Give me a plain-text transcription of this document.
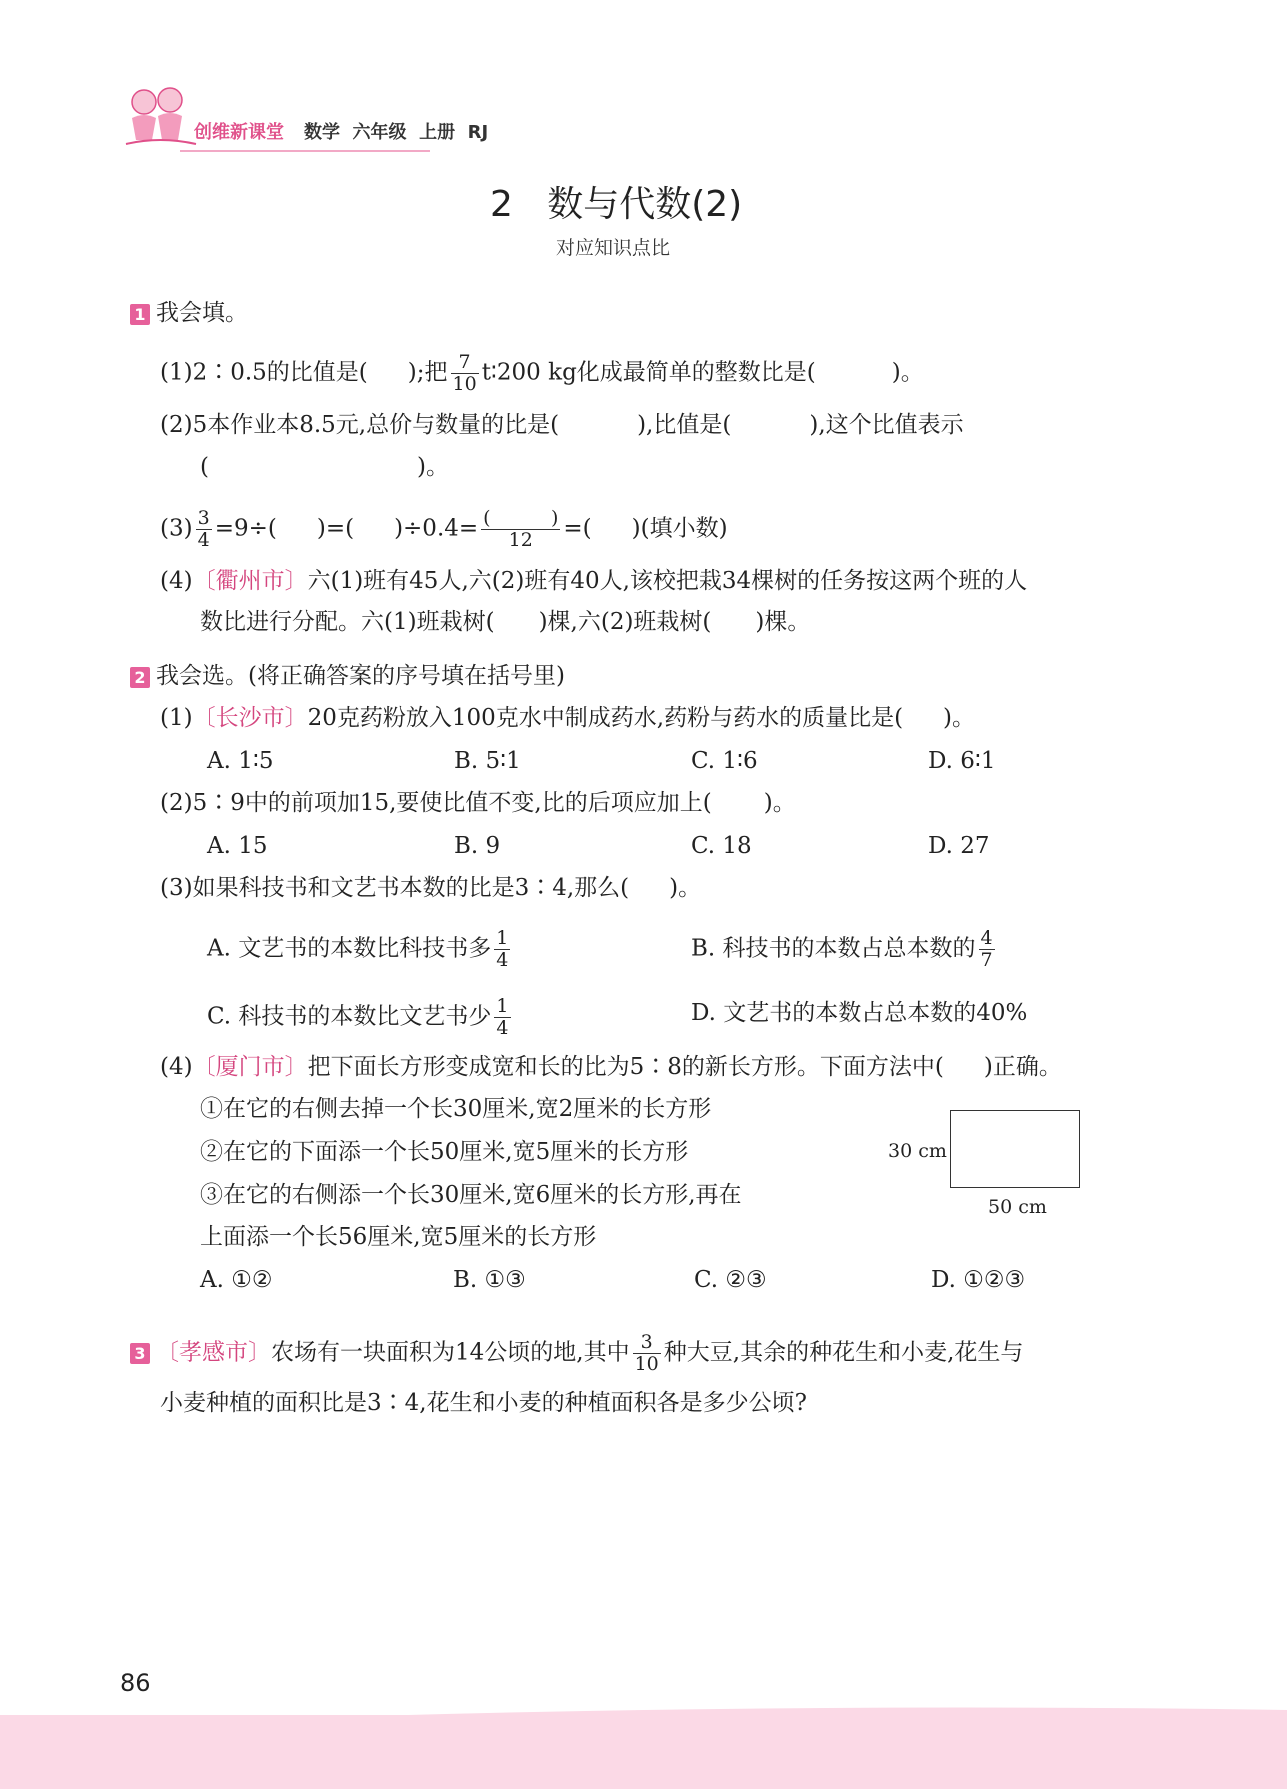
创维新课堂 数学  六年级  上册  RJ
2   数与代数(2)
对应知识点比
1 我会填。
(1)2∶0.5的比值是( );把 $\frac{7}{10}$ t∶200 kg化成最简单的整数比是(	)。
(2)5本作业本8.5元,总价与数量的比是(	),比值是(	),这个比值表示
(	)。
$(3) \frac{3}{4} =9\div$( )=( )$\div 0.4= \frac{( )}{12}$ =( )(填小数)
(4)〔衢州市〕六(1)班有45人,六(2)班有40人,该校把栽34棵树的任务按这两个班的人
数比进行分配。六(1)班栽树( )棵,六(2)班栽树( )棵。
2 我会选。(将正确答案的序号填在括号里)
(1)〔长沙市〕20克药粉放入100克水中制成药水,药粉与药水的质量比是( )。
A. 1∶5	B. 5∶1	C. 1∶6	D. 6∶1
(2)5∶9中的前项加15,要使比值不变,比的后项应加上( )。
A. 15	B. 9	C. 18	D. 27
(3)如果科技书和文艺书本数的比是3∶4,那么( )。
A. 文艺书的本数比科技书多 $\frac{1}{4}$	B. 科技书的本数占总本数的 $\frac{4}{7}$
C. 科技书的本数比文艺书少 $\frac{1}{4}$	D. 文艺书的本数占总本数的40%
(4)〔厦门市〕把下面长方形变成宽和长的比为5∶8的新长方形。下面方法中( )正确。
①在它的右侧去掉一个长30厘米,宽2厘米的长方形
②在它的下面添一个长50厘米,宽5厘米的长方形
③在它的右侧添一个长30厘米,宽6厘米的长方形,再在
上面添一个长56厘米,宽5厘米的长方形
30 cm
50 cm
A. ①②	B. ①③	C. ②③	D. ①②③
3 〔孝感市〕农场有一块面积为14公顷的地,其中 $\frac{3}{10}$ 种大豆,其余的种花生和小麦,花生与
小麦种植的面积比是3∶4,花生和小麦的种植面积各是多少公顷?
86
